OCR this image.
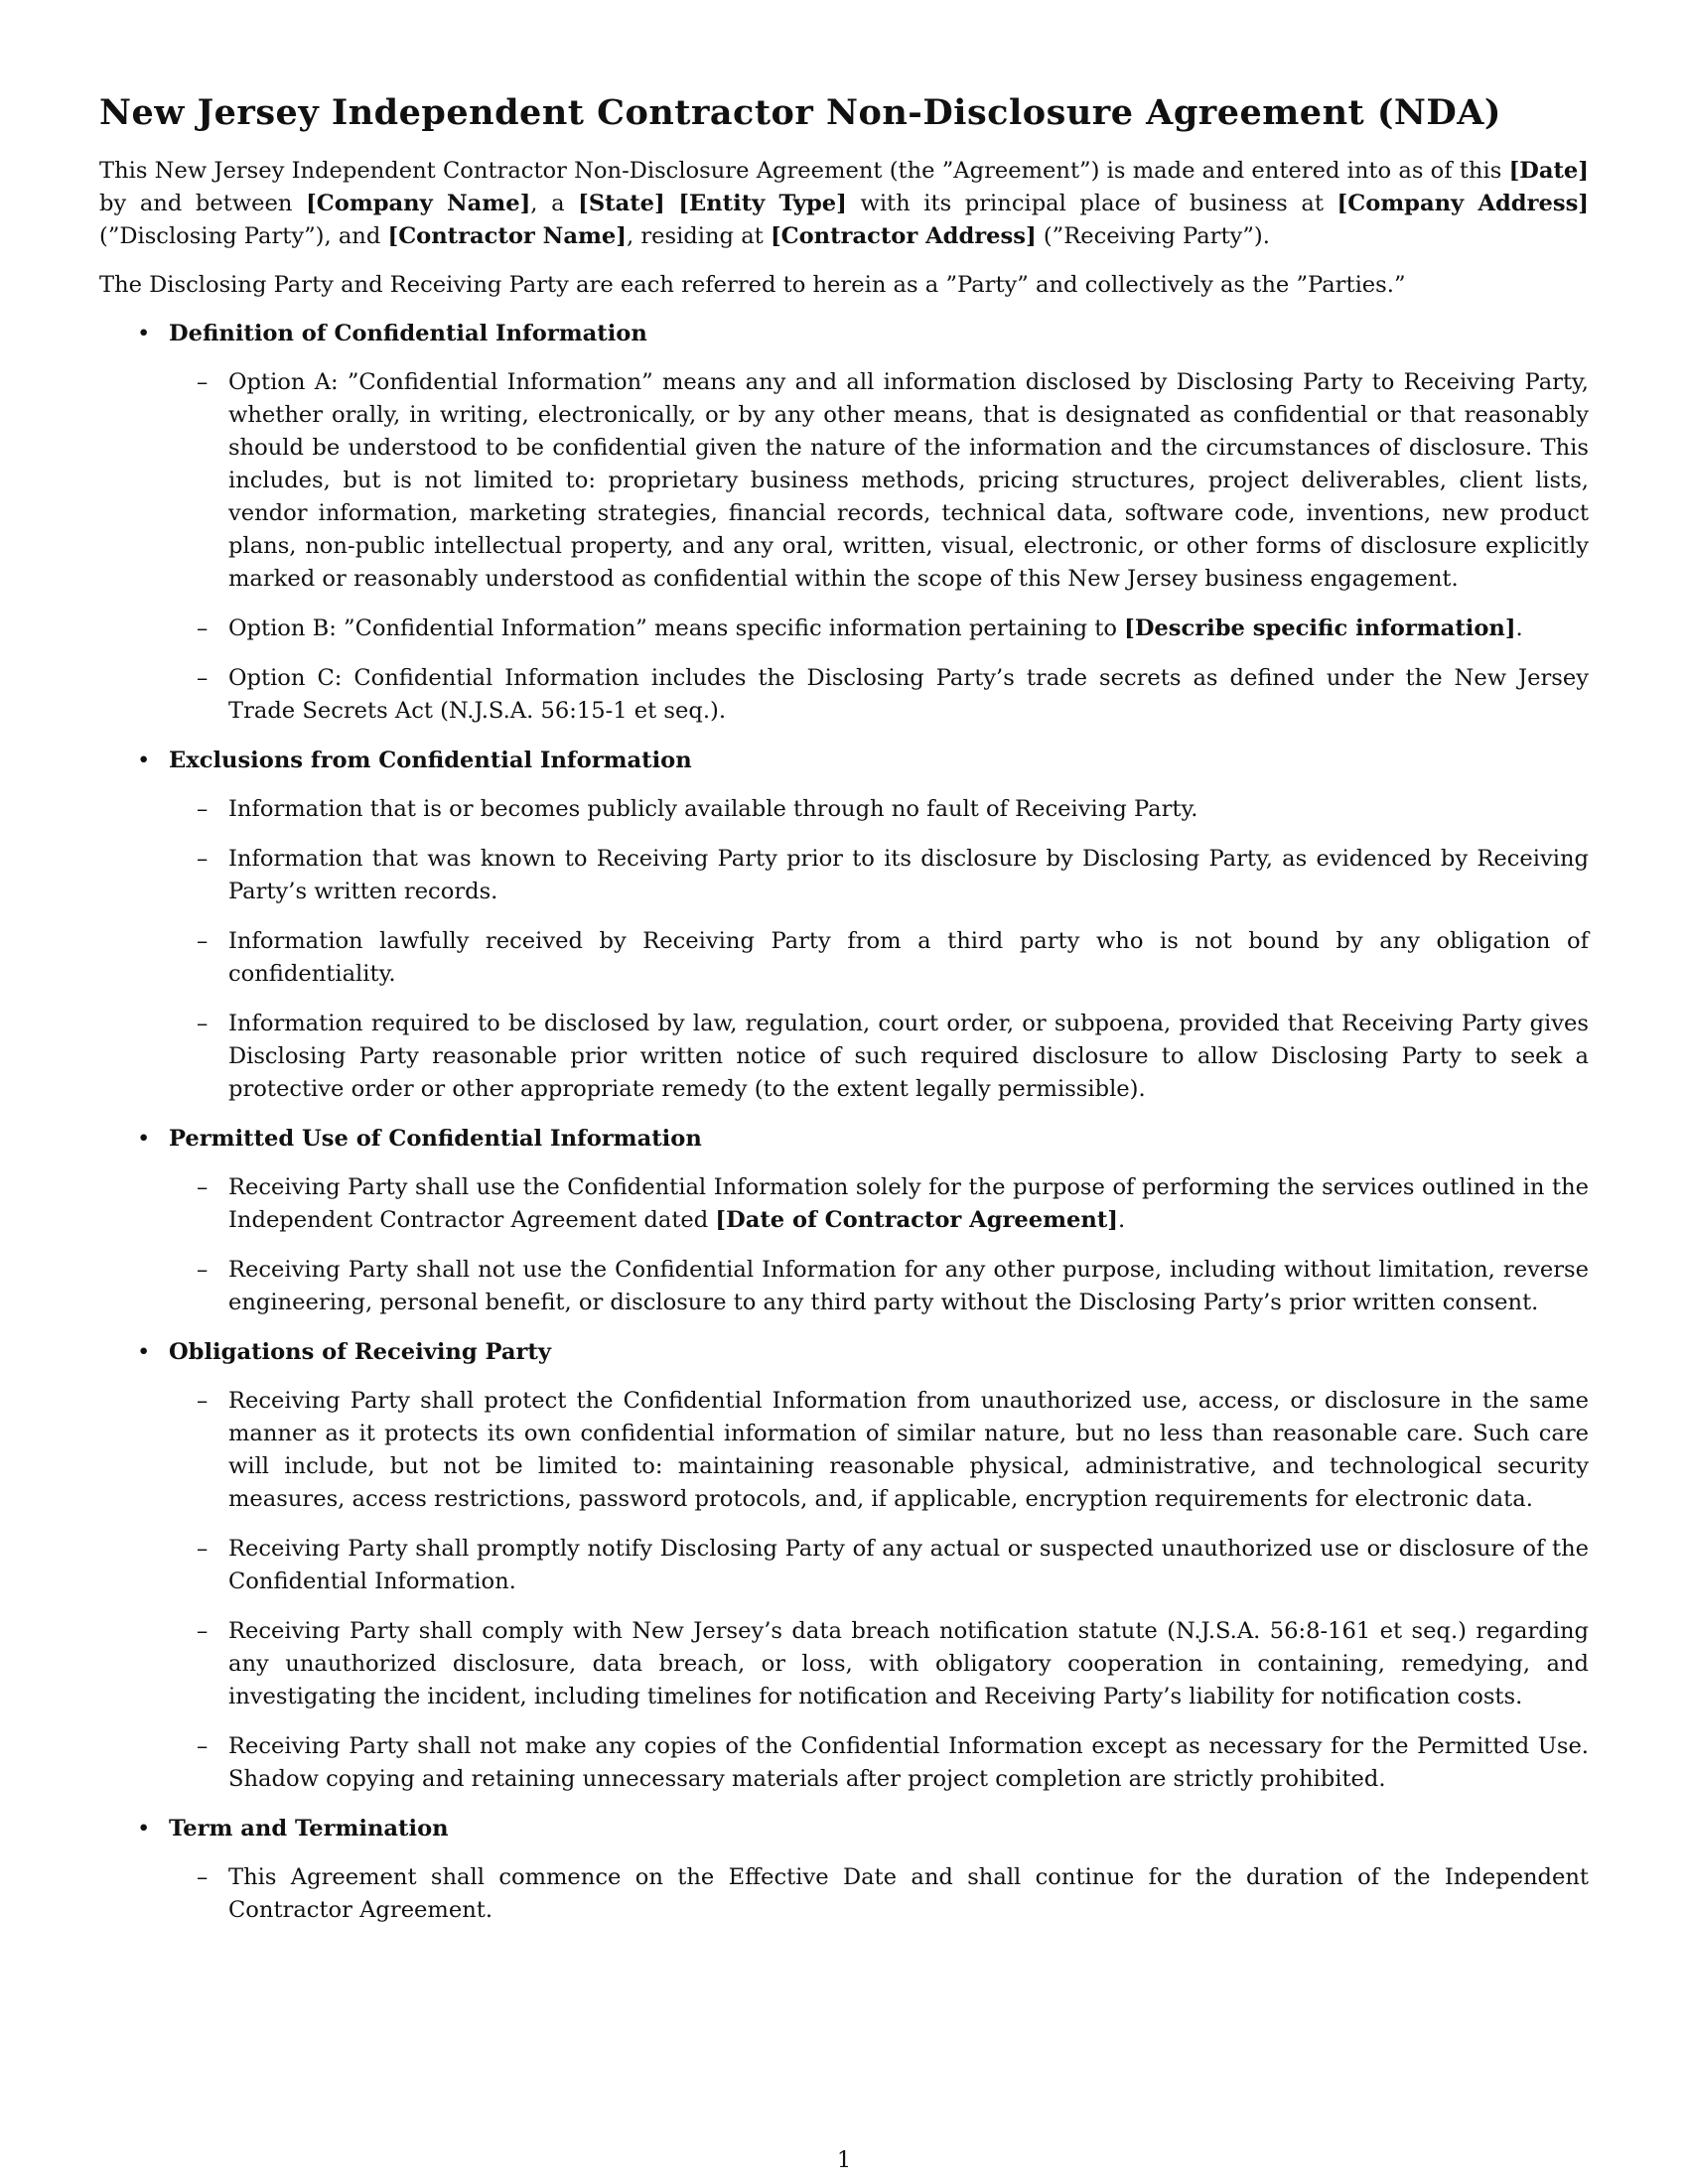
New Jersey Independent Contractor Non-Disclosure Agreement (NDA)

This New Jersey Independent Contractor Non-Disclosure Agreement (the ”Agreement”) is made and entered into as of this [Date] by and between [Company Name], a [State] [Entity Type] with its principal place of business at [Company Address] (”Disclosing Party”), and [Contractor Name], residing at [Contractor Address] (”Receiving Party”).

The Disclosing Party and Receiving Party are each referred to herein as a ”Party” and collectively as the ”Parties.”

• Definition of Confidential Information
– Option A: ”Confidential Information” means any and all information disclosed by Disclosing Party to Receiving Party, whether orally, in writing, electronically, or by any other means, that is designated as confidential or that reasonably should be understood to be confidential given the nature of the information and the circumstances of disclosure. This includes, but is not limited to: proprietary business methods, pricing structures, project deliverables, client lists, vendor information, marketing strategies, financial records, technical data, software code, inventions, new product plans, non-public intellectual property, and any oral, written, visual, electronic, or other forms of disclosure explicitly marked or reasonably understood as confidential within the scope of this New Jersey business engagement.
– Option B: ”Confidential Information” means specific information pertaining to [Describe specific information].
– Option C: Confidential Information includes the Disclosing Party’s trade secrets as defined under the New Jersey Trade Secrets Act (N.J.S.A. 56:15-1 et seq.).
• Exclusions from Confidential Information
– Information that is or becomes publicly available through no fault of Receiving Party.
– Information that was known to Receiving Party prior to its disclosure by Disclosing Party, as evidenced by Receiving Party’s written records.
– Information lawfully received by Receiving Party from a third party who is not bound by any obligation of confidentiality.
– Information required to be disclosed by law, regulation, court order, or subpoena, provided that Receiving Party gives Disclosing Party reasonable prior written notice of such required disclosure to allow Disclosing Party to seek a protective order or other appropriate remedy (to the extent legally permissible).
• Permitted Use of Confidential Information
– Receiving Party shall use the Confidential Information solely for the purpose of performing the services outlined in the Independent Contractor Agreement dated [Date of Contractor Agreement].
– Receiving Party shall not use the Confidential Information for any other purpose, including without limitation, reverse engineering, personal benefit, or disclosure to any third party without the Disclosing Party’s prior written consent.
• Obligations of Receiving Party
– Receiving Party shall protect the Confidential Information from unauthorized use, access, or disclosure in the same manner as it protects its own confidential information of similar nature, but no less than reasonable care. Such care will include, but not be limited to: maintaining reasonable physical, administrative, and technological security measures, access restrictions, password protocols, and, if applicable, encryption requirements for electronic data.
– Receiving Party shall promptly notify Disclosing Party of any actual or suspected unauthorized use or disclosure of the Confidential Information.
– Receiving Party shall comply with New Jersey’s data breach notification statute (N.J.S.A. 56:8-161 et seq.) regarding any unauthorized disclosure, data breach, or loss, with obligatory cooperation in containing, remedying, and investigating the incident, including timelines for notification and Receiving Party’s liability for notification costs.
– Receiving Party shall not make any copies of the Confidential Information except as necessary for the Permitted Use. Shadow copying and retaining unnecessary materials after project completion are strictly prohibited.
• Term and Termination
– This Agreement shall commence on the Effective Date and shall continue for the duration of the Independent Contractor Agreement.
1
